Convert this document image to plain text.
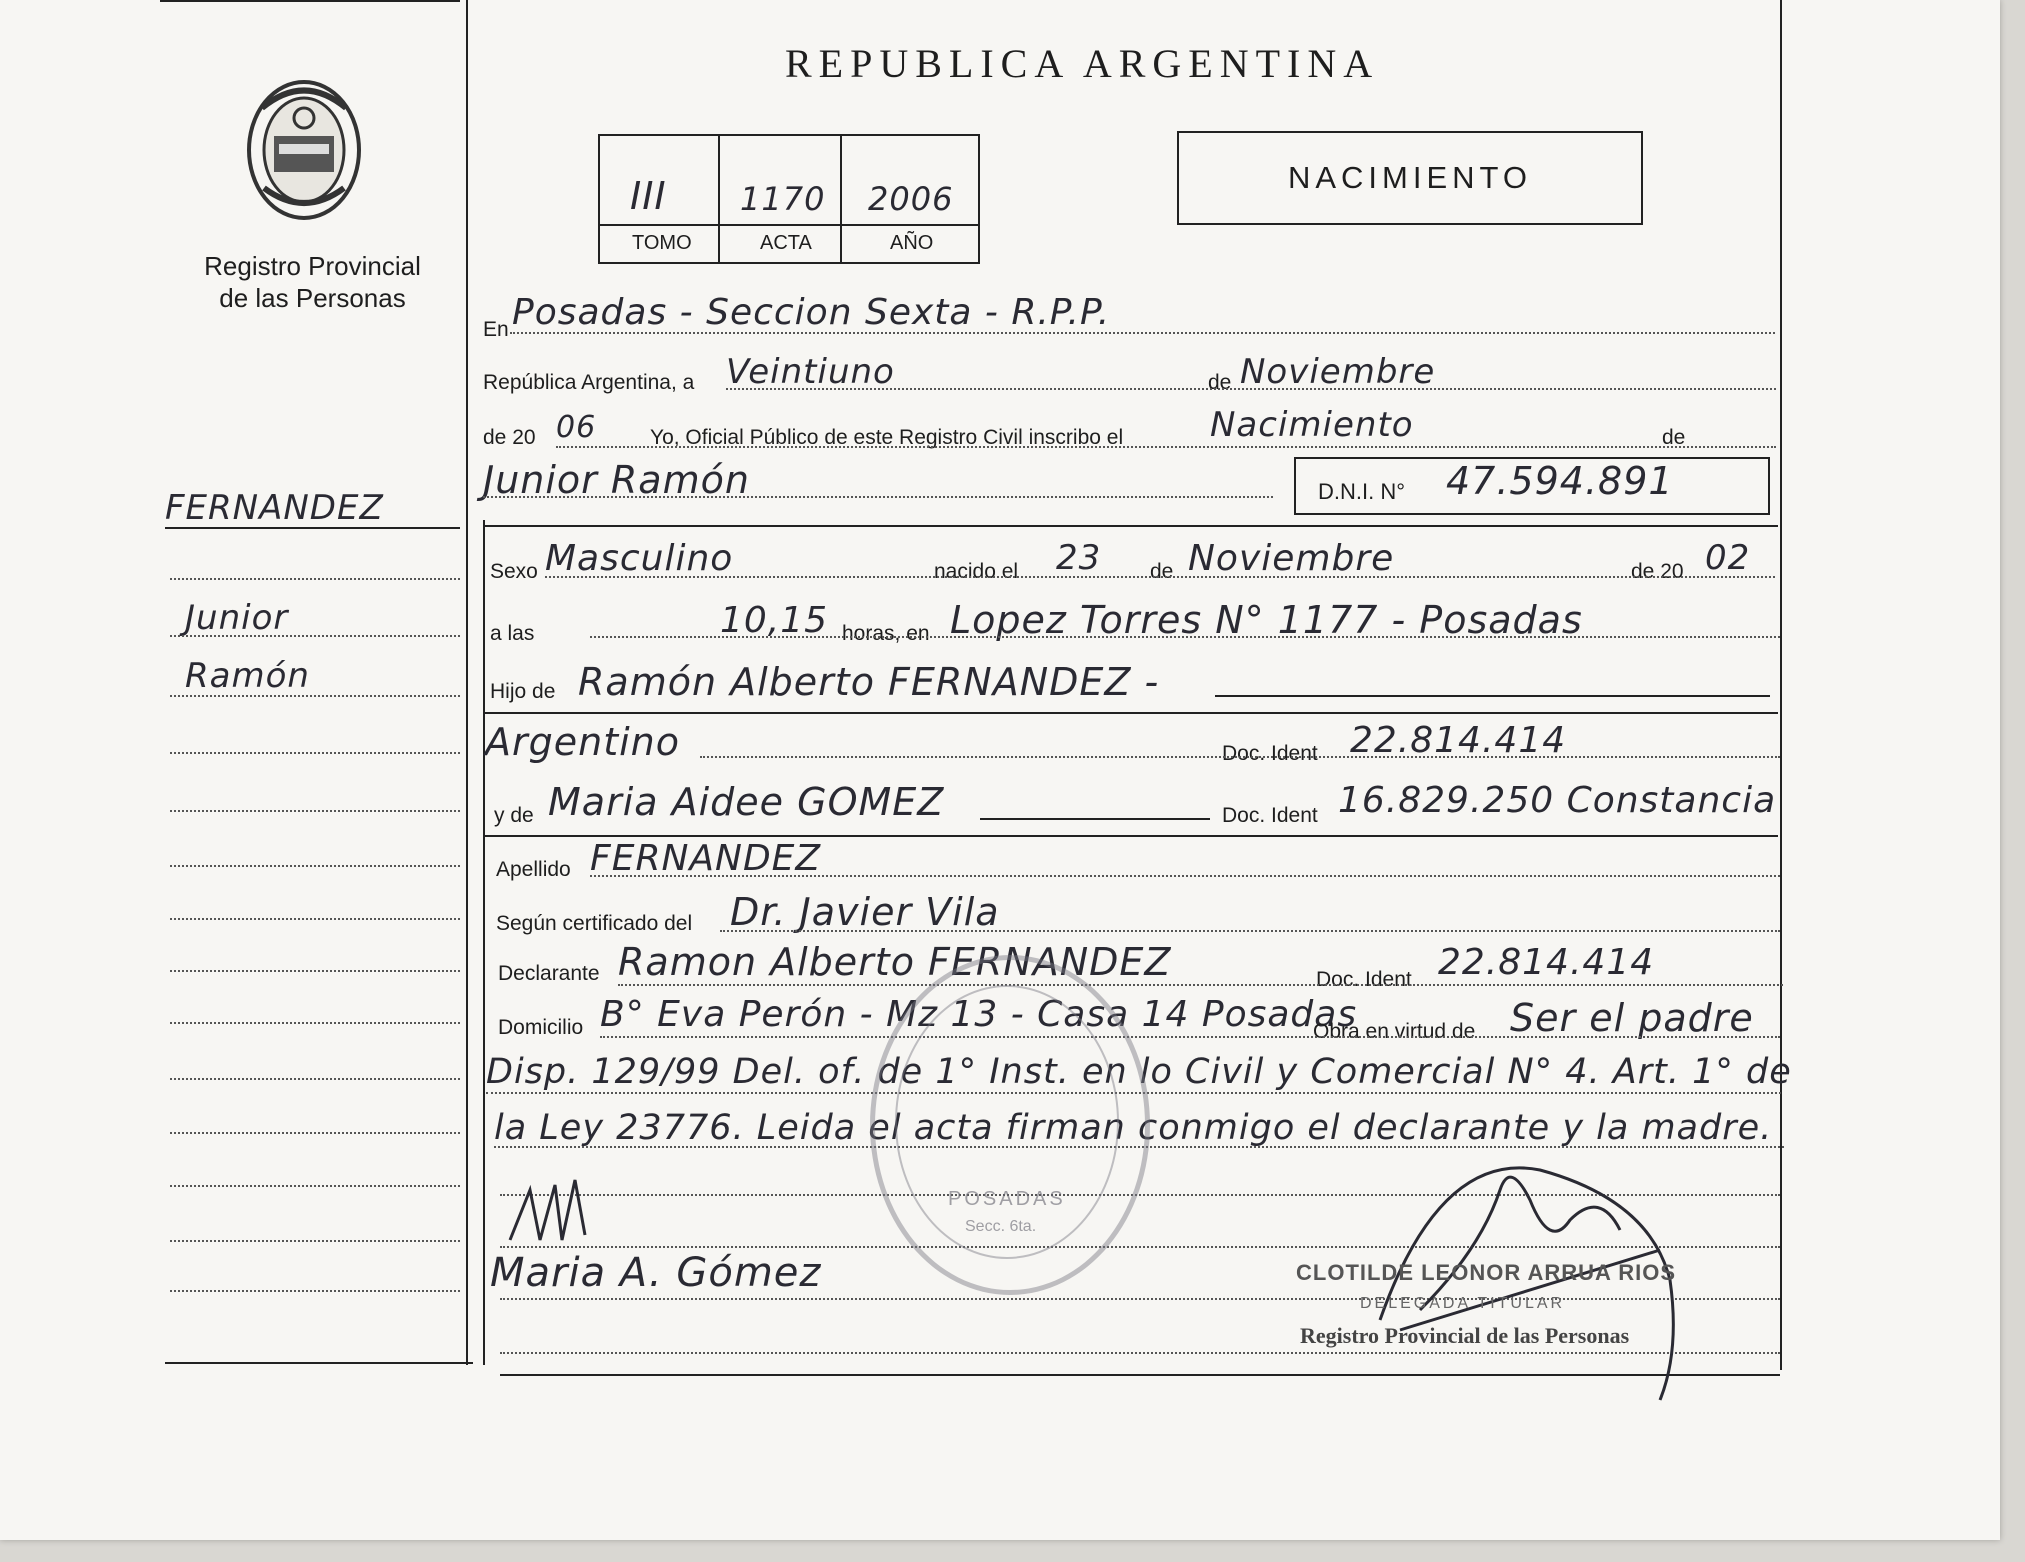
Registro Provincial
de las Personas
REPUBLICA ARGENTINA
III 1170 2006
TOMO	ACTA	AÑO
NACIMIENTO
FERNANDEZ
Junior
Ramón
En Posadas - Seccion Sexta - R.P.P.
República Argentina, a Veintiuno	de Noviembre
de 20 06	Yo, Oficial Público de este Registro Civil inscribo el	Nacimiento	de
Junior Ramón	D.N.I. N° 47.594.891
Sexo Masculino	nacido el 23 de Noviembre	de 20 02
a las	10,15 horas, en Lopez Torres N° 1177 - Posadas
Hijo de Ramón Alberto FERNANDEZ -
Argentino	Doc. Ident 22.814.414
y de Maria Aidee GOMEZ	Doc. Ident 16.829.250 Constancia
Apellido FERNANDEZ
Según certificado del Dr. Javier Vila
Declarante Ramon Alberto FERNANDEZ	Doc. Ident 22.814.414
Domicilio B° Eva Perón - Mz 13 - Casa 14 Posadas
Obra en virtud de Ser el padre
Disp. 129/99 Del. of. de 1° Inst. en lo Civil y Comercial N° 4. Art. 1° de
la Ley 23776. Leida el acta firman conmigo el declarante y la madre.
POSADAS
Secc. 6ta.
Maria A. Gómez	CLOTILDE LEONOR ARRUA RIOS
DELEGADA TITULAR
Registro Provincial de las Personas
